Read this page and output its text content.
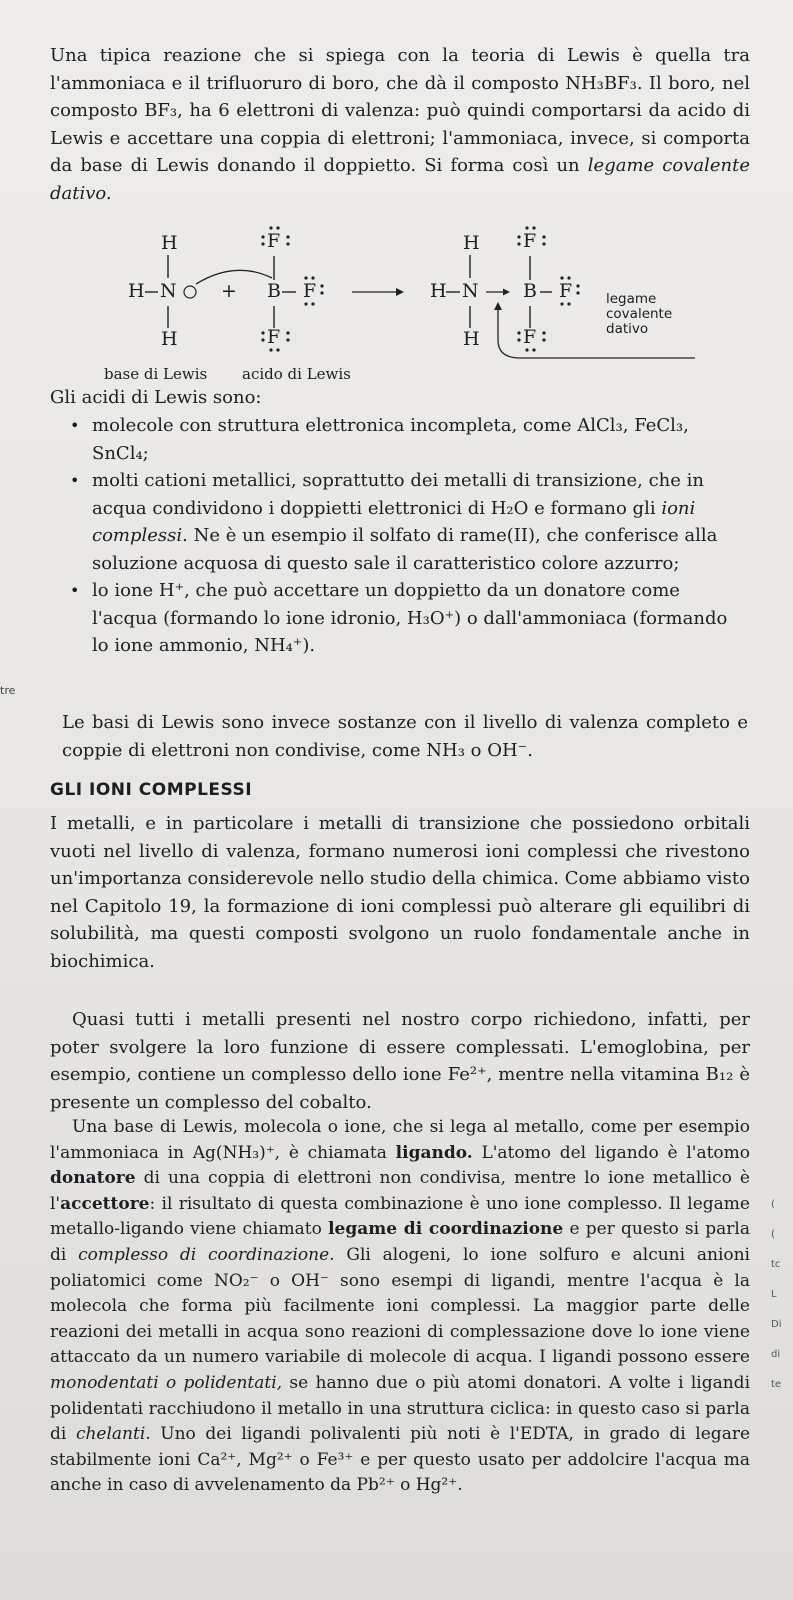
Una tipica reazione che si spiega con la teoria di Lewis è quella tra l'ammoniaca e il trifluoruro di boro, che dà il composto NH₃BF₃. Il boro, nel composto BF₃, ha 6 elettroni di valenza: può quindi comportarsi da acido di Lewis e accettare una coppia di elettroni; l'ammoniaca, invece, si comporta da base di Lewis donando il doppietto. Si forma così un legame covalente dativo.

H
H N
H
+
F
B F
F
H
H N
H
F
B F
F
base di Lewis acido di Lewis
legame covalente dativo

Gli acidi di Lewis sono:

• molecole con struttura elettronica incompleta, come AlCl₃, FeCl₃, SnCl₄;
• molti cationi metallici, soprattutto dei metalli di transizione, che in acqua condividono i doppietti elettronici di H₂O e formano gli ioni complessi. Ne è un esempio il solfato di rame(II), che conferisce alla soluzione acquosa di questo sale il caratteristico colore azzurro;
• lo ione H⁺, che può accettare un doppietto da un donatore come l'acqua (formando lo ione idronio, H₃O⁺) o dall'ammoniaca (formando lo ione ammonio, NH₄⁺).
tre

Le basi di Lewis sono invece sostanze con il livello di valenza completo e coppie di elettroni non condivise, come NH₃ o OH⁻.

GLI IONI COMPLESSI

I metalli, e in particolare i metalli di transizione che possiedono orbitali vuoti nel livello di valenza, formano numerosi ioni complessi che rivestono un'importanza considerevole nello studio della chimica. Come abbiamo visto nel Capitolo 19, la formazione di ioni complessi può alterare gli equilibri di solubilità, ma questi composti svolgono un ruolo fondamentale anche in biochimica.

Quasi tutti i metalli presenti nel nostro corpo richiedono, infatti, per poter svolgere la loro funzione di essere complessati. L'emoglobina, per esempio, contiene un complesso dello ione Fe²⁺, mentre nella vitamina B₁₂ è presente un complesso del cobalto.

Una base di Lewis, molecola o ione, che si lega al metallo, come per esempio l'ammoniaca in Ag(NH₃)⁺, è chiamata ligando. L'atomo del ligando è l'atomo donatore di una coppia di elettroni non condivisa, mentre lo ione metallico è l'accettore: il risultato di questa combinazione è uno ione complesso. Il legame metallo-ligando viene chiamato legame di coordinazione e per questo si parla di complesso di coordinazione. Gli alogeni, lo ione solfuro e alcuni anioni poliatomici come NO₂⁻ o OH⁻ sono esempi di ligandi, mentre l'acqua è la molecola che forma più facilmente ioni complessi. La maggior parte delle reazioni dei metalli in acqua sono reazioni di complessazione dove lo ione viene attaccato da un numero variabile di molecole di acqua. I ligandi possono essere monodentati o polidentati, se hanno due o più atomi donatori. A volte i ligandi polidentati racchiudono il metallo in una struttura ciclica: in questo caso si parla di chelanti. Uno dei ligandi polivalenti più noti è l'EDTA, in grado di legare stabilmente ioni Ca²⁺, Mg²⁺ o Fe³⁺ e per questo usato per addolcire l'acqua ma anche in caso di avvelenamento da Pb²⁺ o Hg²⁺.

(
(
tc
L
Di
di
te
